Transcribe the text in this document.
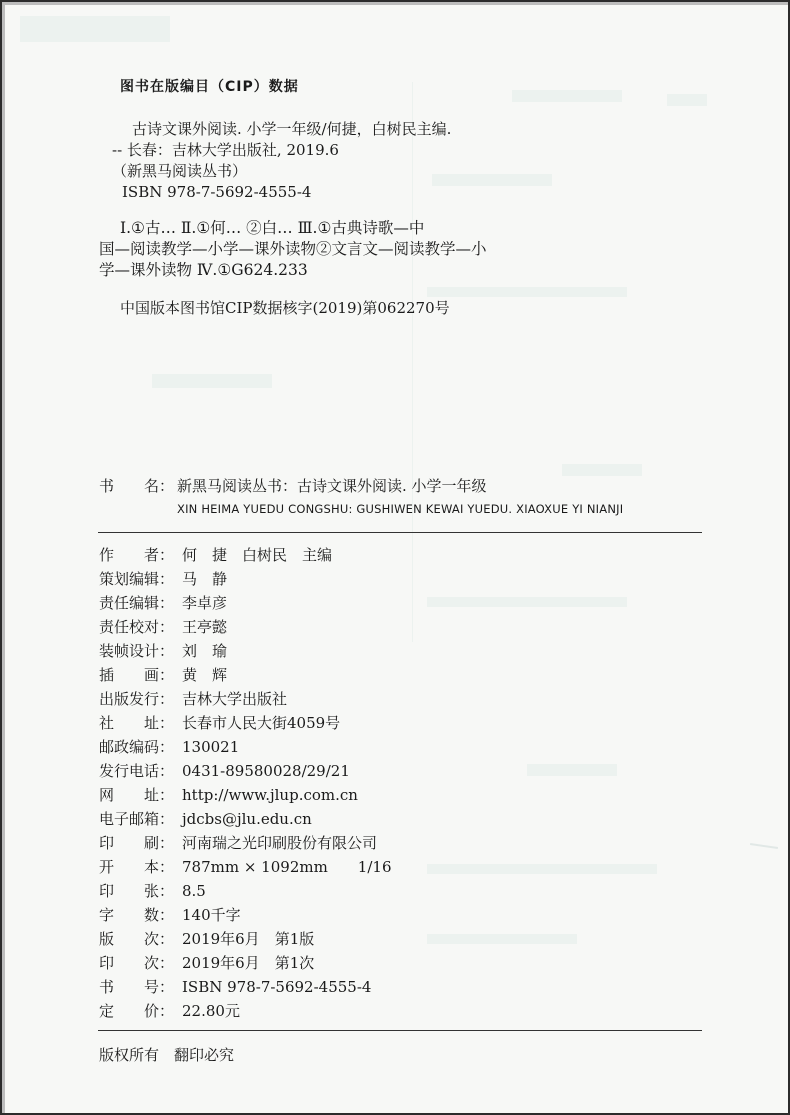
图书在版编目（CIP）数据
古诗文课外阅读. 小学一年级/何捷，白树民主编.
-- 长春：吉林大学出版社, 2019.6
（新黑马阅读丛书）
ISBN 978-7-5692-4555-4
Ⅰ.①古… Ⅱ.①何… ②白… Ⅲ.①古典诗歌—中
国—阅读教学—小学—课外读物②文言文—阅读教学—小
学—课外读物 Ⅳ.①G624.233
中国版本图书馆CIP数据核字(2019)第062270号
书　　名： 新黑马阅读丛书：古诗文课外阅读. 小学一年级
XIN HEIMA YUEDU CONGSHU: GUSHIWEN KEWAI YUEDU. XIAOXUE YI NIANJI
作　　者： 何　捷　白树民　主编
策划编辑： 马　静
责任编辑： 李卓彦
责任校对： 王亭懿
装帧设计： 刘　瑜
插　　画： 黄　辉
出版发行： 吉林大学出版社
社　　址： 长春市人民大街4059号
邮政编码： 130021
发行电话： 0431-89580028/29/21
网　　址： http://www.jlup.com.cn
电子邮箱： jdcbs@jlu.edu.cn
印　　刷： 河南瑞之光印刷股份有限公司
开　　本： 787mm × 1092mm　　1/16
印　　张： 8.5
字　　数： 140千字
版　　次： 2019年6月　第1版
印　　次： 2019年6月　第1次
书　　号： ISBN 978-7-5692-4555-4
定　　价： 22.80元
版权所有　翻印必究
